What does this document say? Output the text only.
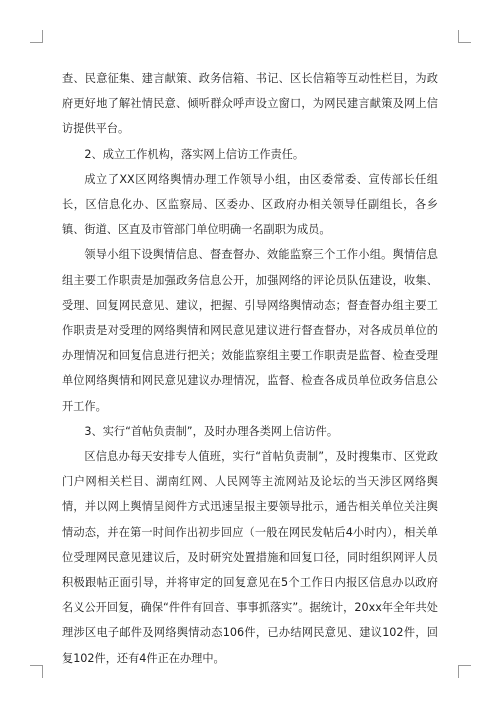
查、民意征集、建言献策、政务信箱、书记、区长信箱等互动性栏目，为政府更好地了解社情民意、倾听群众呼声设立窗口，为网民建言献策及网上信访提供平台。

2、成立工作机构，落实网上信访工作责任。

成立了XX区网络舆情办理工作领导小组，由区委常委、宣传部长任组长，区信息化办、区监察局、区委办、区政府办相关领导任副组长，各乡镇、街道、区直及市管部门单位明确一名副职为成员。

领导小组下设舆情信息、督查督办、效能监察三个工作小组。舆情信息组主要工作职责是加强政务信息公开，加强网络的评论员队伍建设，收集、受理、回复网民意见、建议，把握、引导网络舆情动态；督查督办组主要工作职责是对受理的网络舆情和网民意见建议进行督查督办，对各成员单位的办理情况和回复信息进行把关；效能监察组主要工作职责是监督、检查受理单位网络舆情和网民意见建议办理情况，监督、检查各成员单位政务信息公开工作。

3、实行“首帖负责制”，及时办理各类网上信访件。

区信息办每天安排专人值班，实行“首帖负责制”，及时搜集市、区党政门户网相关栏目、湖南红网、人民网等主流网站及论坛的当天涉区网络舆情，并以网上舆情呈阅件方式迅速呈报主要领导批示，通告相关单位关注舆情动态，并在第一时间作出初步回应（一般在网民发帖后4小时内），相关单位受理网民意见建议后，及时研究处置措施和回复口径，同时组织网评人员积极跟帖正面引导，并将审定的回复意见在5个工作日内报区信息办以政府名义公开回复，确保“件件有回音、事事抓落实”。据统计，20xx年全年共处理涉区电子邮件及网络舆情动态106件，已办结网民意见、建议102件，回复102件，还有4件正在办理中。
